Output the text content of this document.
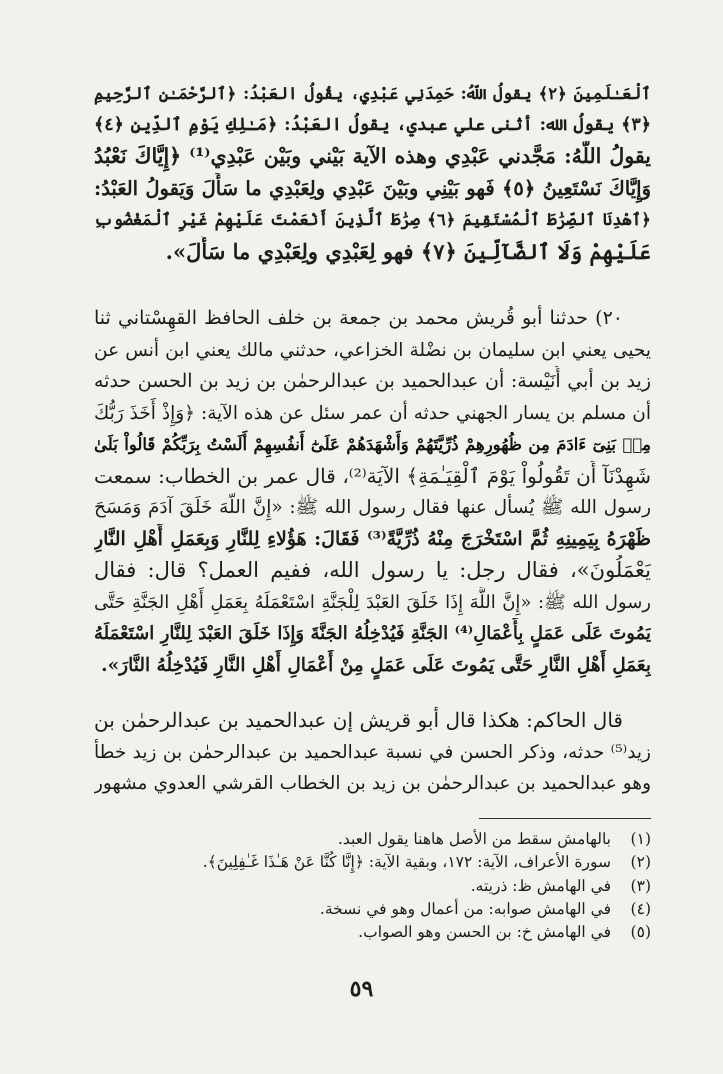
ٱلْعَـٰلَمِينَ ﴿٢﴾ يقولُ اللّهُ: حَمِدَنِي عَبْدِي، يقُولُ العَبْدُ: ﴿ٱلرَّحْمَـٰنِ ٱلرَّحِيمِ
﴿٣﴾ يقولُ الله: أثنى علي عبدي، يقولُ العَبْدُ: ﴿مَـٰلِكِ يَوْمِ ٱلدِّينِ ﴿٤﴾
يقولُ اللّهُ: مَجَّدني عَبْدِي وهذه الآية بَيْني وبَيْن عَبْدِي⁽¹⁾ ﴿إِيَّاكَ نَعْبُدُ
وَإِيَّاكَ نَسْتَعِينُ ﴿٥﴾ فَهو بَيْنِي وبَيْنَ عَبْدِي ولِعَبْدِي ما سَأَلَ وَيَقولُ العَبْدُ:
﴿ٱهْدِنَا ٱلصِّرَٰطَ ٱلْمُسْتَقِيمَ ﴿٦﴾ صِرَٰطَ ٱلَّذِينَ أَنْعَمْتَ عَلَيْهِمْ غَيْرِ ٱلْمَغْضُوبِ
عَلَيْهِمْ وَلَا ٱلضَّآلِّينَ ﴿٧﴾ فهو لِعَبْدِي ولِعَبْدِي ما سَأَلَ».
٢٠) حدثنا أبو قُريش محمد بن جمعة بن خلف الحافظ القهِسْتاني ثنا
يحيى يعني ابن سليمان بن نضْلة الخزاعي، حدثني مالك يعني ابن أنس عن
زيد بن أبي أُنَيْسة: أن عبدالحميد بن عبدالرحمٰن بن زيد بن الحسن حدثه
أن مسلم بن يسار الجهني حدثه أن عمر سئل عن هذه الآية: ﴿وَإِذْ أَخَذَ رَبُّكَ
مِنۢ بَنِىٓ ءَادَمَ مِن ظُهُورِهِمْ ذُرِّيَّتَهُمْ وَأَشْهَدَهُمْ عَلَىٰٓ أَنفُسِهِمْ أَلَسْتُ بِرَبِّكُمْ قَالُواْ بَلَىٰ
شَهِدْنَآ أَن تَقُولُواْ يَوْمَ ٱلْقِيَـٰمَةِ﴾ الآيَة⁽²⁾، قال عمر بن الخطاب: سمعت
رسول الله ﷺ يُسأل عنها فقال رسول الله ﷺ: «إِنَّ اللّهَ خَلَقَ آدَمَ وَمَسَحَ
ظَهْرَهُ بِيَمِينِهِ ثُمَّ اسْتَخْرَجَ مِنْهُ ذُرِّيَّةً⁽³⁾ فَقَالَ: هَؤُلاءِ لِلنَّارِ وَبِعَمَلِ أَهْلِ النَّارِ
يَعْمَلُونَ»، فقال رجل: يا رسول الله، ففيم العمل؟ قال: فقال
رسول الله ﷺ: «إِنَّ اللَّهَ إِذَا خَلَقَ العَبْدَ لِلْجَنَّةِ اسْتَعْمَلَهُ بِعَمَلِ أَهْلِ الجَنَّةِ حَتَّى
يَمُوتَ عَلَى عَمَلٍ بِأَعْمَالِ⁽⁴⁾ الجَنَّةِ فَيُدْخِلُهُ الجَنَّةَ وَإِذَا خَلَقَ العَبْدَ لِلنَّارِ اسْتَعْمَلَهُ
بِعَمَلِ أَهْلِ النَّارِ حَتَّى يَمُوتَ عَلَى عَمَلٍ مِنْ أَعْمَالِ أَهْلِ النَّارِ فَيُدْخِلُهُ النَّارَ».
قال الحاكم: هكذا قال أبو قريش إن عبدالحميد بن عبدالرحمٰن بن
زيد⁽⁵⁾ حدثه، وذكر الحسن في نسبة عبدالحميد بن عبدالرحمٰن بن زيد خطأ
وهو عبدالحميد بن عبدالرحمٰن بن زيد بن الخطاب القرشي العدوي مشهور
(١)بالهامش سقط من الأصل هاهنا يقول العبد.
(٢)سورة الأعراف، الآية: ١٧٢، وبقية الآية: ﴿إِنَّا كُنَّا عَنْ هَـٰذَا غَـٰفِلِينَ﴾.
(٣)في الهامش ظ: ذريته.
(٤)في الهامش صوابه: من أعمال وهو في نسخة.
(٥)في الهامش خ: بن الحسن وهو الصواب.
٥٩
